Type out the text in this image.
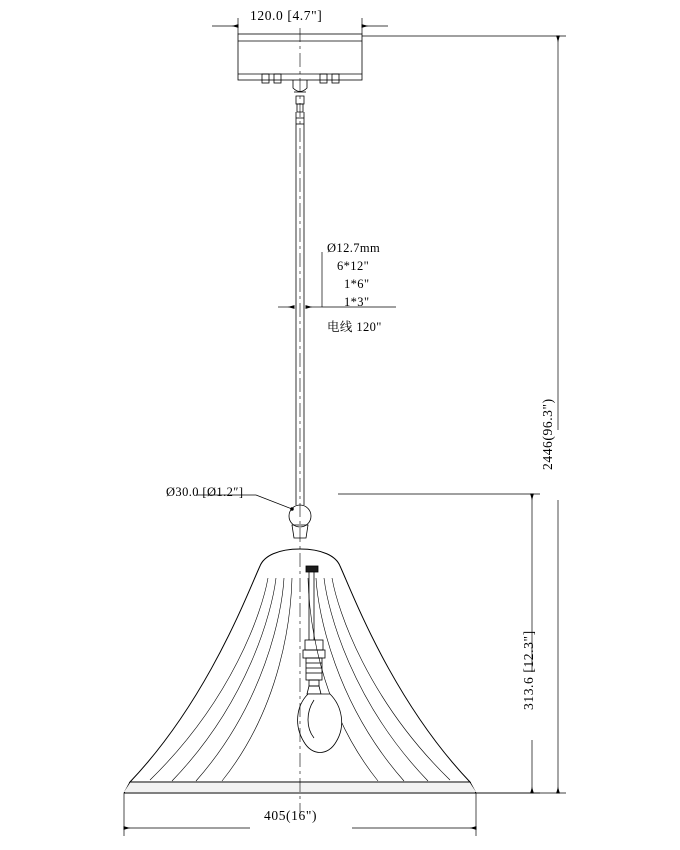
120.0 [4.7"]
405(16")
2446(96.3")
313.6 [12.3"]
Ø12.7mm
6*12"
1*6"
1*3"
电线 120"
Ø30.0 [Ø1.2″]
